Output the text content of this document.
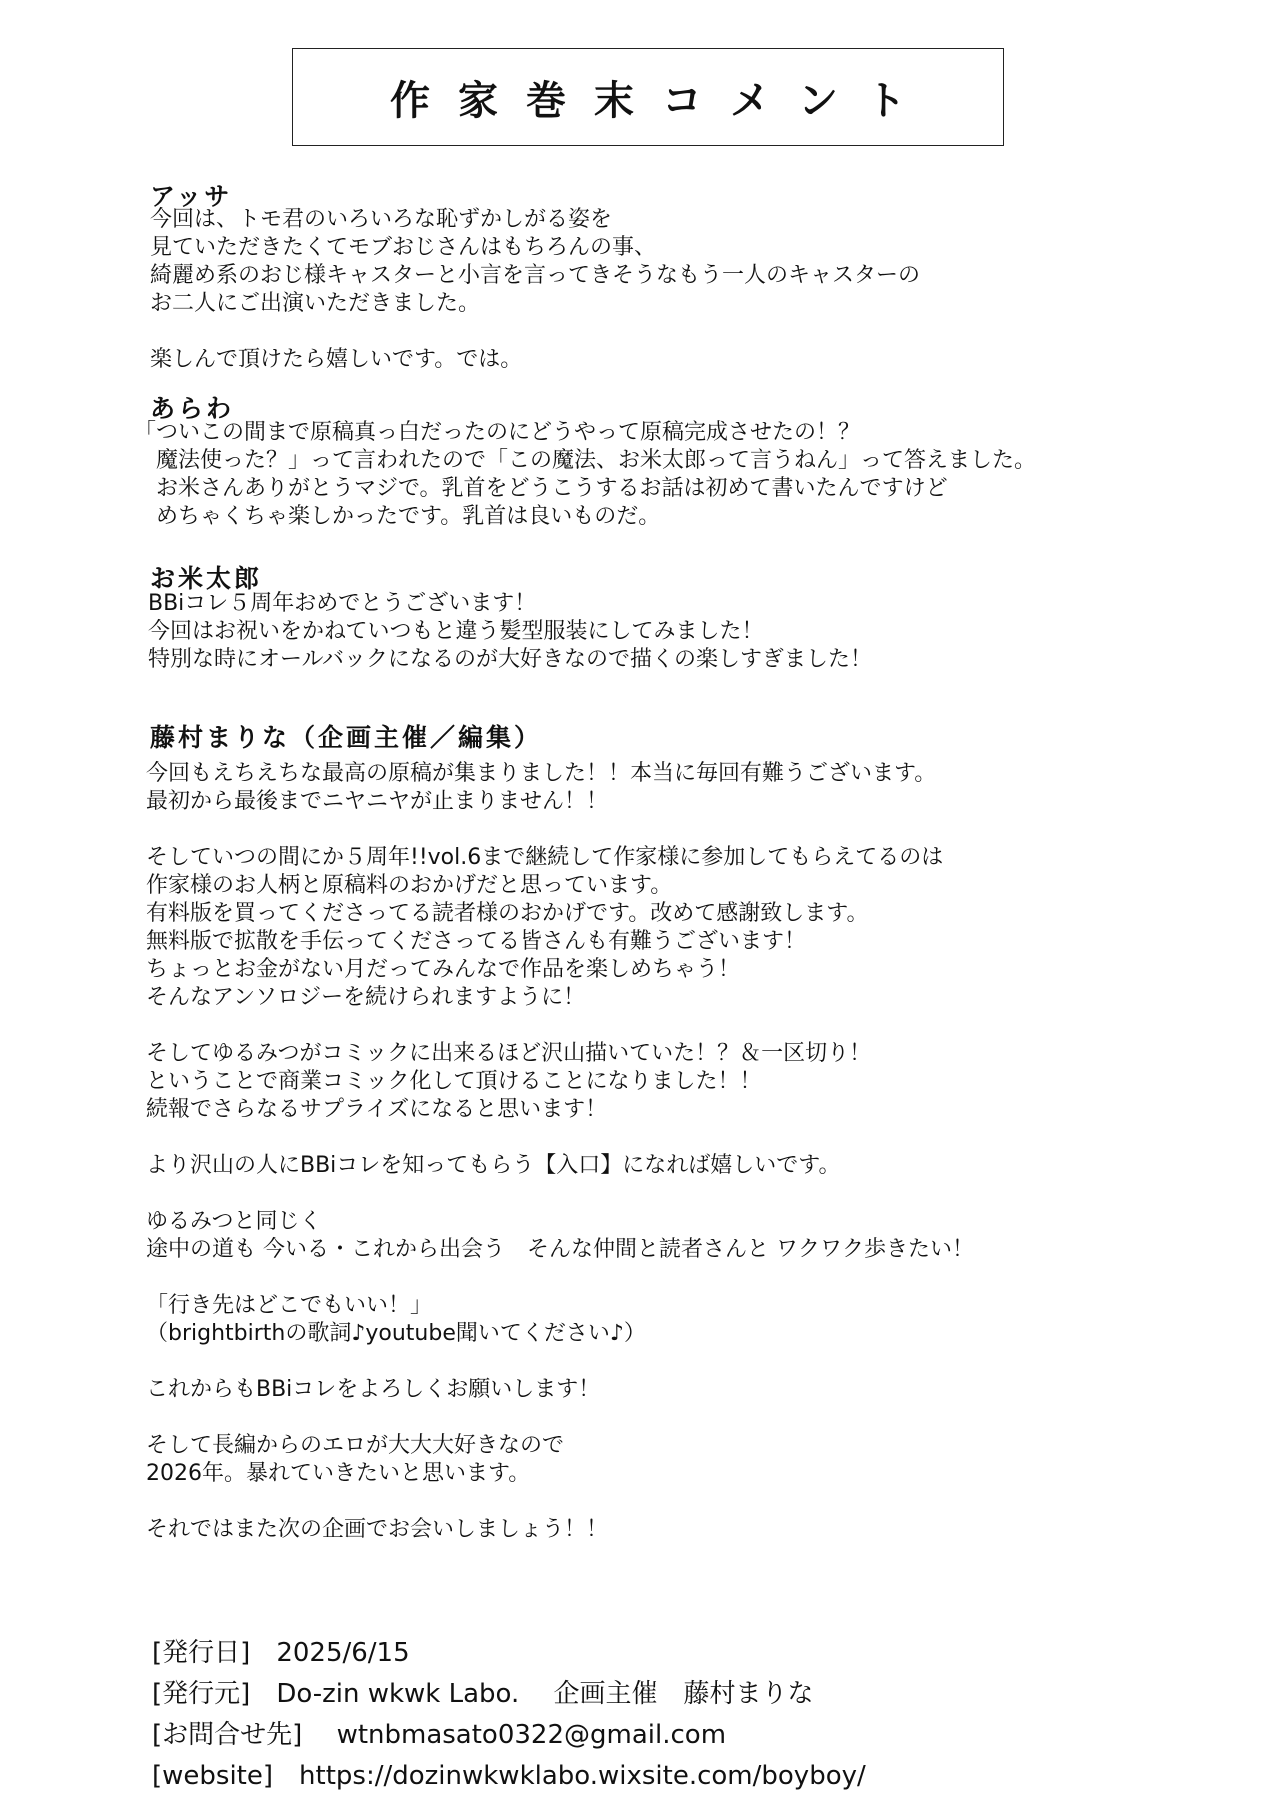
作家巻末コメント
アッサ
今回は、トモ君のいろいろな恥ずかしがる姿を
見ていただきたくてモブおじさんはもちろんの事、
綺麗め系のおじ様キャスターと小言を言ってきそうなもう一人のキャスターの
お二人にご出演いただきました。
楽しんで頂けたら嬉しいです。では。
あらわ
「ついこの間まで原稿真っ白だったのにどうやって原稿完成させたの！？
　魔法使った？」って言われたので「この魔法、お米太郎って言うねん」って答えました。
　お米さんありがとうマジで。乳首をどうこうするお話は初めて書いたんですけど
　めちゃくちゃ楽しかったです。乳首は良いものだ。
お米太郎
BBiコレ５周年おめでとうございます！
今回はお祝いをかねていつもと違う髪型服装にしてみました！
特別な時にオールバックになるのが大好きなので描くの楽しすぎました！
藤村まりな（企画主催／編集）
今回もえちえちな最高の原稿が集まりました！！本当に毎回有難うございます。
最初から最後までニヤニヤが止まりません！！
そしていつの間にか５周年!!vol.6まで継続して作家様に参加してもらえてるのは
作家様のお人柄と原稿料のおかげだと思っています。
有料版を買ってくださってる読者様のおかげです。改めて感謝致します。
無料版で拡散を手伝ってくださってる皆さんも有難うございます！
ちょっとお金がない月だってみんなで作品を楽しめちゃう！
そんなアンソロジーを続けられますように！
そしてゆるみつがコミックに出来るほど沢山描いていた！？＆一区切り！
ということで商業コミック化して頂けることになりました！！
続報でさらなるサプライズになると思います！
より沢山の人にBBiコレを知ってもらう【入口】になれば嬉しいです。
ゆるみつと同じく
途中の道も 今いる・これから出会う　そんな仲間と読者さんと ワクワク歩きたい！
「行き先はどこでもいい！」
（brightbirthの歌詞♪youtube聞いてください♪）
これからもBBiコレをよろしくお願いします！
そして長編からのエロが大大大好きなので
2026年。暴れていきたいと思います。
それではまた次の企画でお会いしましょう！！
[発行日]　 2025/6/15
[発行元]　 Do-zin wkwk Labo.　 企画主催　藤村まりな
[お問合せ先]　 wtnbmasato0322@gmail.com
[website]　 https://dozinwkwklabo.wixsite.com/boyboy/
